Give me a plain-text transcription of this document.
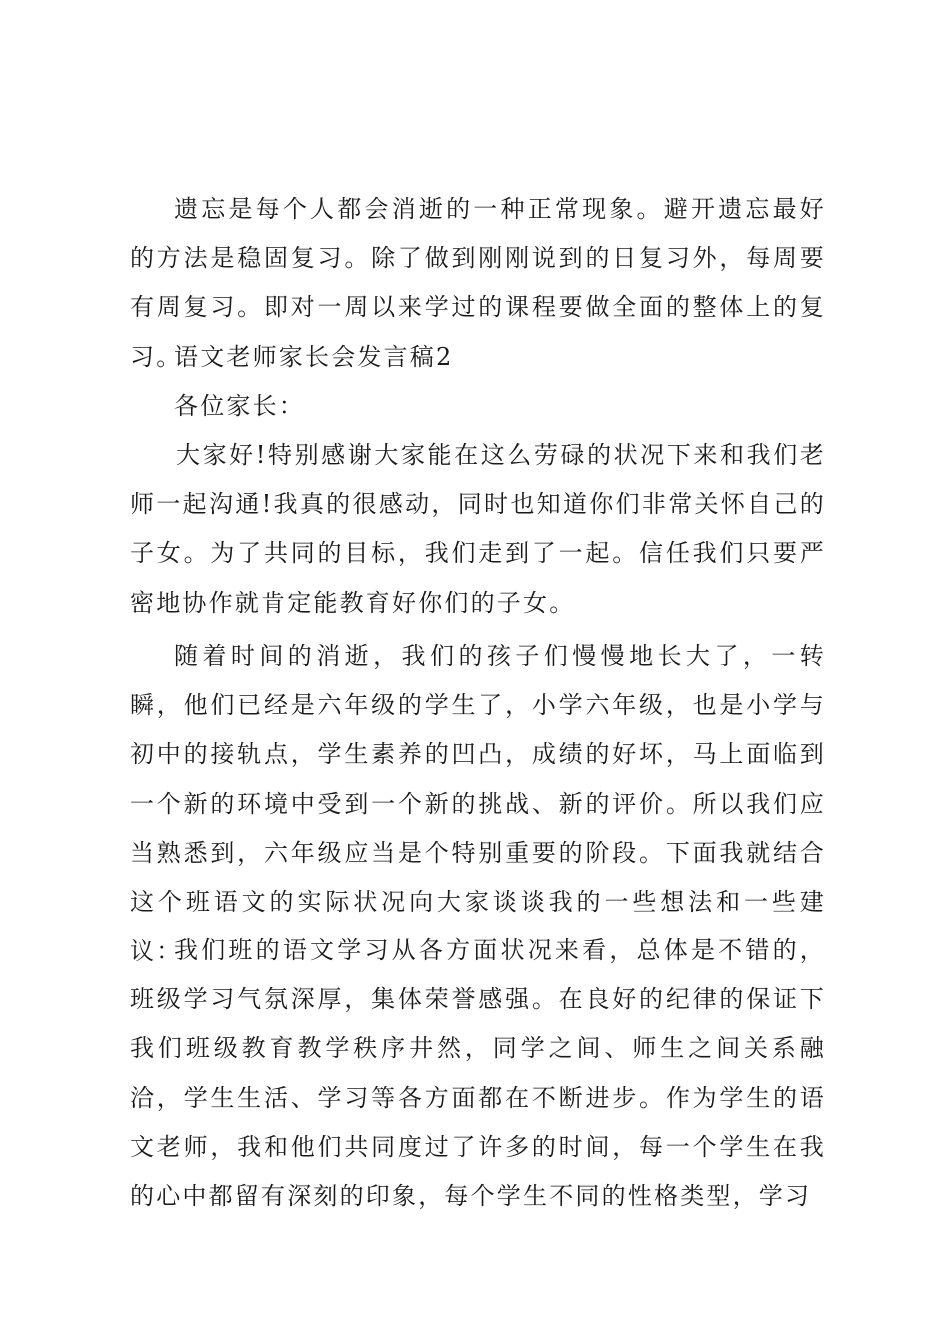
遗忘是每个人都会消逝的一种正常现象。避开遗忘最好的方法是稳固复习。除了做到刚刚说到的日复习外，每周要有周复习。即对一周以来学过的课程要做全面的整体上的复习。

语文老师家长会发言稿2

各位家长：

大家好!特别感谢大家能在这么劳碌的状况下来和我们老师一起沟通!我真的很感动，同时也知道你们非常关怀自己的子女。为了共同的目标，我们走到了一起。信任我们只要严密地协作就肯定能教育好你们的子女。

随着时间的消逝，我们的孩子们慢慢地长大了，一转瞬，他们已经是六年级的学生了，小学六年级，也是小学与初中的接轨点，学生素养的凹凸，成绩的好坏，马上面临到一个新的环境中受到一个新的挑战、新的评价。所以我们应当熟悉到，六年级应当是个特别重要的阶段。下面我就结合这个班语文的实际状况向大家谈谈我的一些想法和一些建议：

我们班的语文学习从各方面状况来看，总体是不错的，班级学习气氛深厚，集体荣誉感强。在良好的纪律的保证下我们班级教育教学秩序井然，同学之间、师生之间关系融洽，学生生活、学习等各方面都在不断进步。作为学生的语文老师，我和他们共同度过了许多的时间，每一个学生在我的心中都留有深刻的印象，每个学生不同的性格类型，学习
